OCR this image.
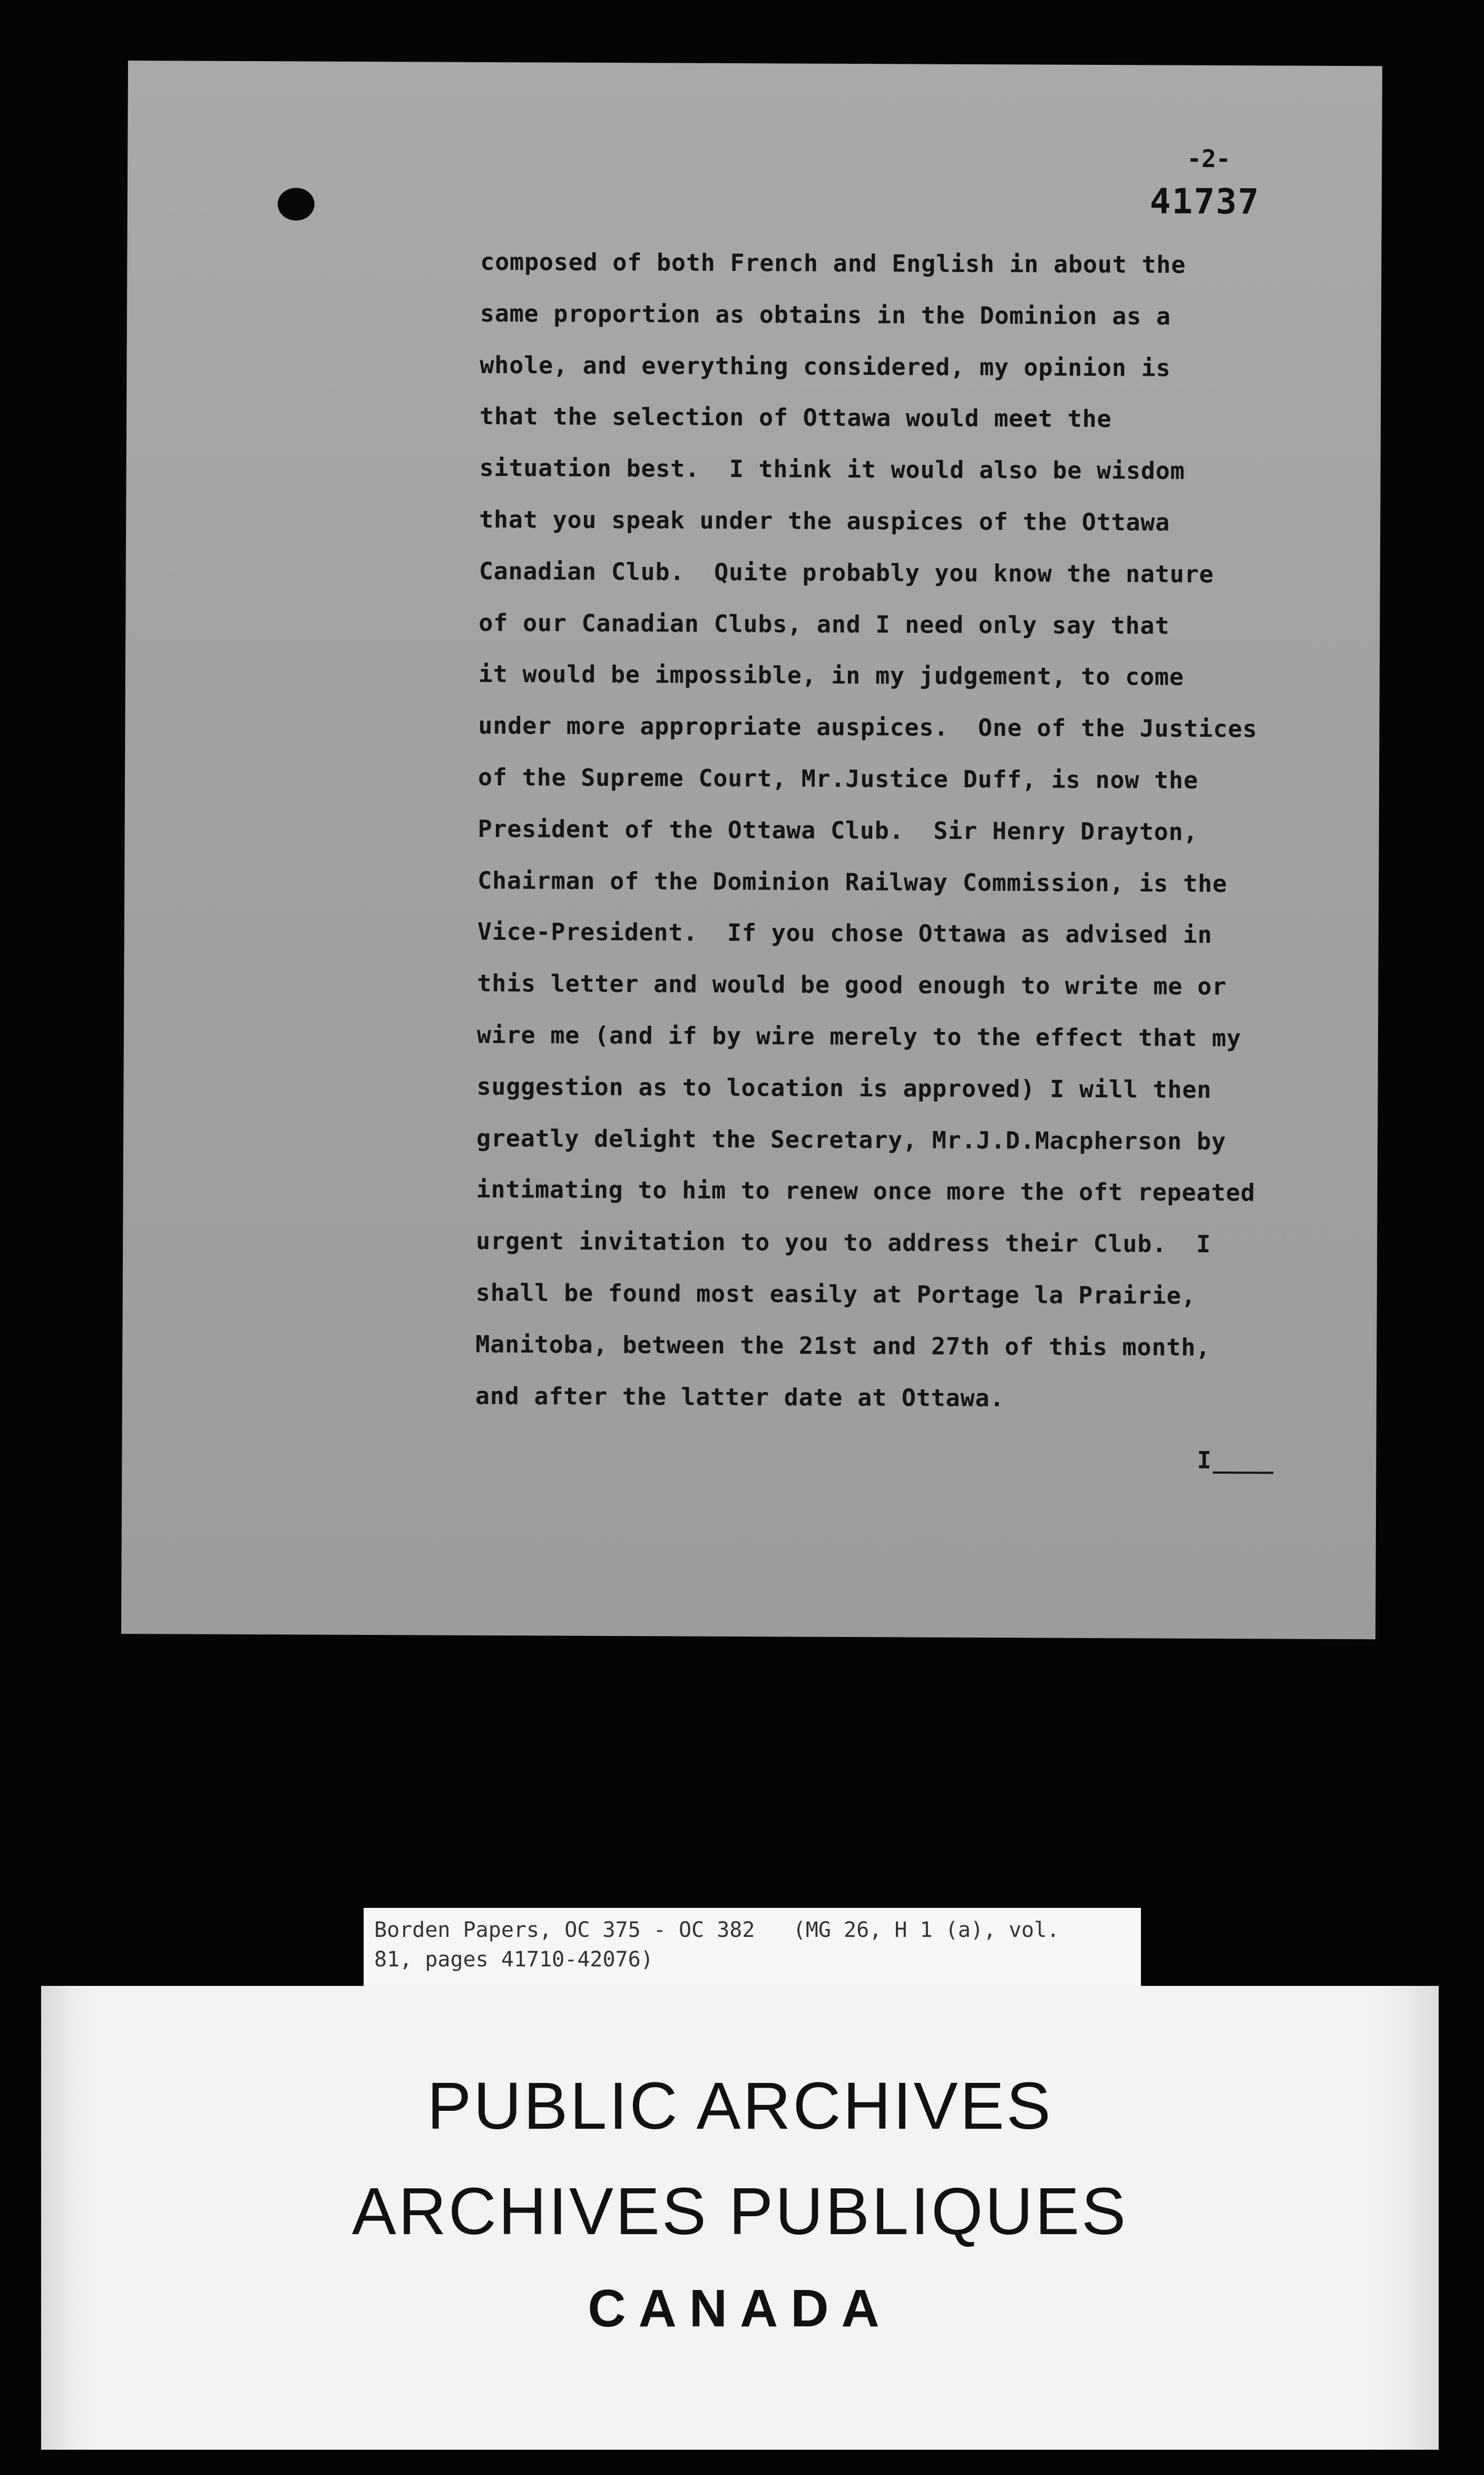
-2-
41737
composed of both French and English in about the
same proportion as obtains in the Dominion as a
whole, and everything considered, my opinion is
that the selection of Ottawa would meet the
situation best.  I think it would also be wisdom
that you speak under the auspices of the Ottawa
Canadian Club.  Quite probably you know the nature
of our Canadian Clubs, and I need only say that
it would be impossible, in my judgement, to come
under more appropriate auspices.  One of the Justices
of the Supreme Court, Mr.Justice Duff, is now the
President of the Ottawa Club.  Sir Henry Drayton,
Chairman of the Dominion Railway Commission, is the
Vice-President.  If you chose Ottawa as advised in
this letter and would be good enough to write me or
wire me (and if by wire merely to the effect that my
suggestion as to location is approved) I will then
greatly delight the Secretary, Mr.J.D.Macpherson by
intimating to him to renew once more the oft repeated
urgent invitation to you to address their Club.  I
shall be found most easily at Portage la Prairie,
Manitoba, between the 21st and 27th of this month,
and after the latter date at Ottawa.
I
Borden Papers, OC 375 - OC 382   (MG 26, H 1 (a), vol.
81, pages 41710-42076)
PUBLIC ARCHIVES
ARCHIVES PUBLIQUES
CANADA
